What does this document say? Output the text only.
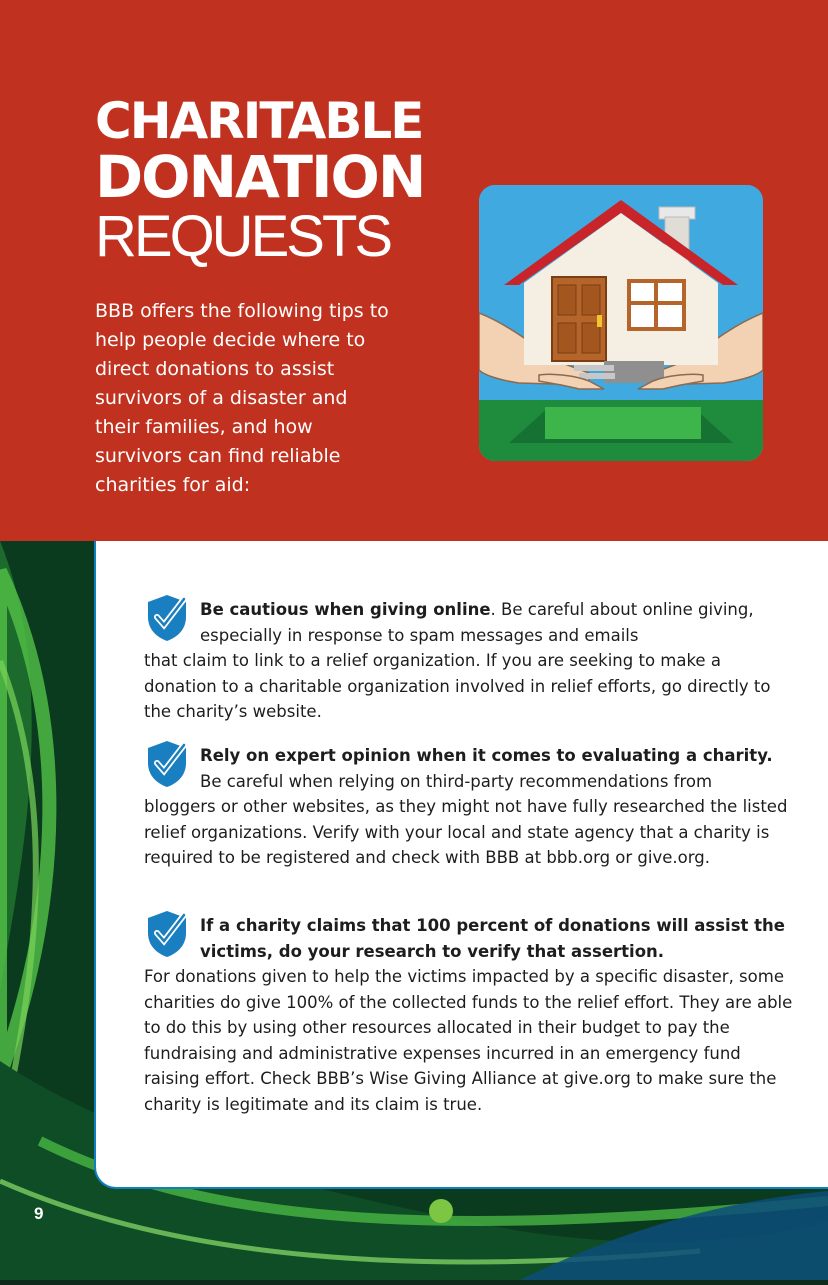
CHARITABLE
DONATION
REQUESTS
BBB offers the following tips to help people decide where to direct donations to assist survivors of a disaster and their families, and how survivors can find reliable charities for aid:

Be cautious when giving online. Be careful about online giving, especially in response to spam messages and emails

that claim to link to a relief organization. If you are seeking to make a donation to a charitable organization involved in relief efforts, go directly to the charity’s website.

Rely on expert opinion when it comes to evaluating a charity.

Be careful when relying on third-party recommendations from

bloggers or other websites, as they might not have fully researched the listed relief organizations. Verify with your local and state agency that a charity is required to be registered and check with BBB at bbb.org or give.org.

If a charity claims that 100 percent of donations will assist the victims, do your research to verify that assertion.

For donations given to help the victims impacted by a specific disaster, some charities do give 100% of the collected funds to the relief effort. They are able to do this by using other resources allocated in their budget to pay the fundraising and administrative expenses incurred in an emergency fund raising effort. Check BBB’s Wise Giving Alliance at give.org to make sure the charity is legitimate and its claim is true.

9
